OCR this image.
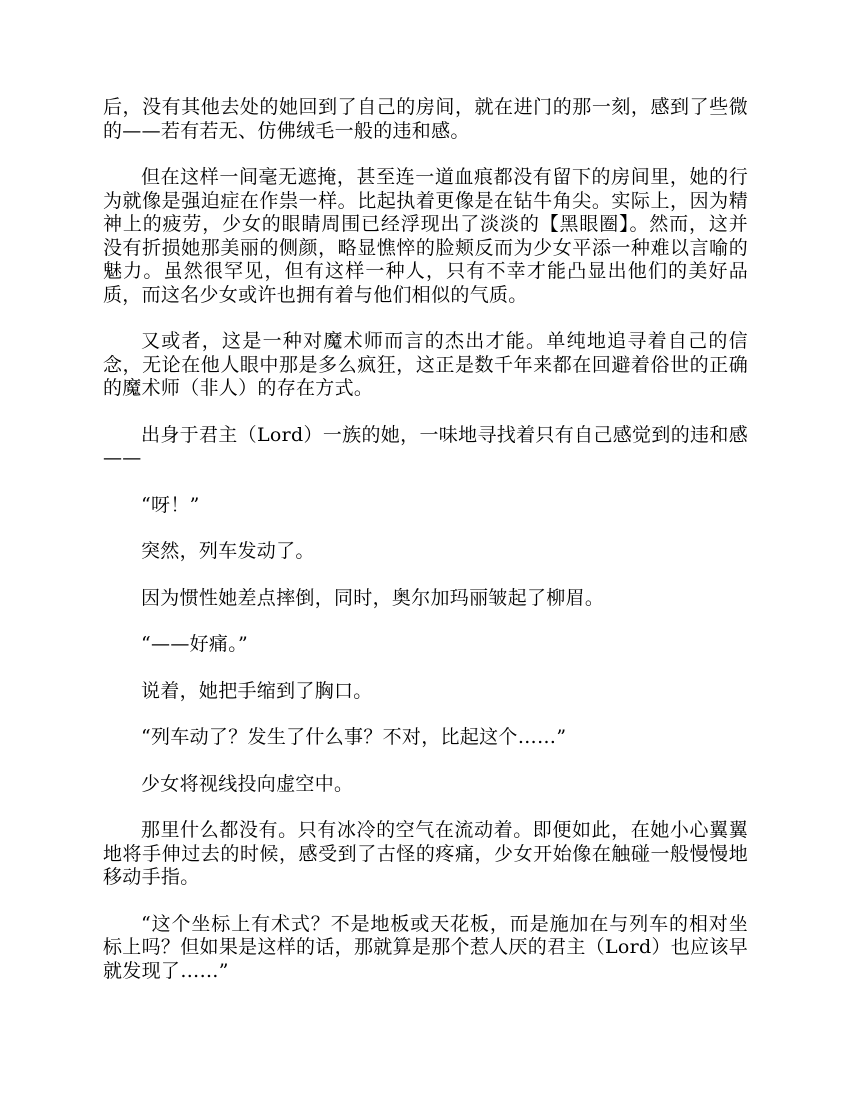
后，没有其他去处的她回到了自己的房间，就在进门的那一刻，感到了些微的——若有若无、仿佛绒毛一般的违和感。

但在这样一间毫无遮掩，甚至连一道血痕都没有留下的房间里，她的行为就像是强迫症在作祟一样。比起执着更像是在钻牛角尖。实际上，因为精神上的疲劳，少女的眼睛周围已经浮现出了淡淡的【黑眼圈】。然而，这并没有折损她那美丽的侧颜，略显憔悴的脸颊反而为少女平添一种难以言喻的魅力。虽然很罕见，但有这样一种人，只有不幸才能凸显出他们的美好品质，而这名少女或许也拥有着与他们相似的气质。

又或者，这是一种对魔术师而言的杰出才能。单纯地追寻着自己的信念，无论在他人眼中那是多么疯狂，这正是数千年来都在回避着俗世的正确的魔术师（非人）的存在方式。

出身于君主（Lord）一族的她，一味地寻找着只有自己感觉到的违和感——

“呀！”

突然，列车发动了。

因为惯性她差点摔倒，同时，奥尔加玛丽皱起了柳眉。

“——好痛。”

说着，她把手缩到了胸口。

“列车动了？发生了什么事？不对，比起这个……”

少女将视线投向虚空中。

那里什么都没有。只有冰冷的空气在流动着。即便如此，在她小心翼翼地将手伸过去的时候，感受到了古怪的疼痛，少女开始像在触碰一般慢慢地移动手指。

“这个坐标上有术式？不是地板或天花板，而是施加在与列车的相对坐标上吗？但如果是这样的话，那就算是那个惹人厌的君主（Lord）也应该早就发现了……”
